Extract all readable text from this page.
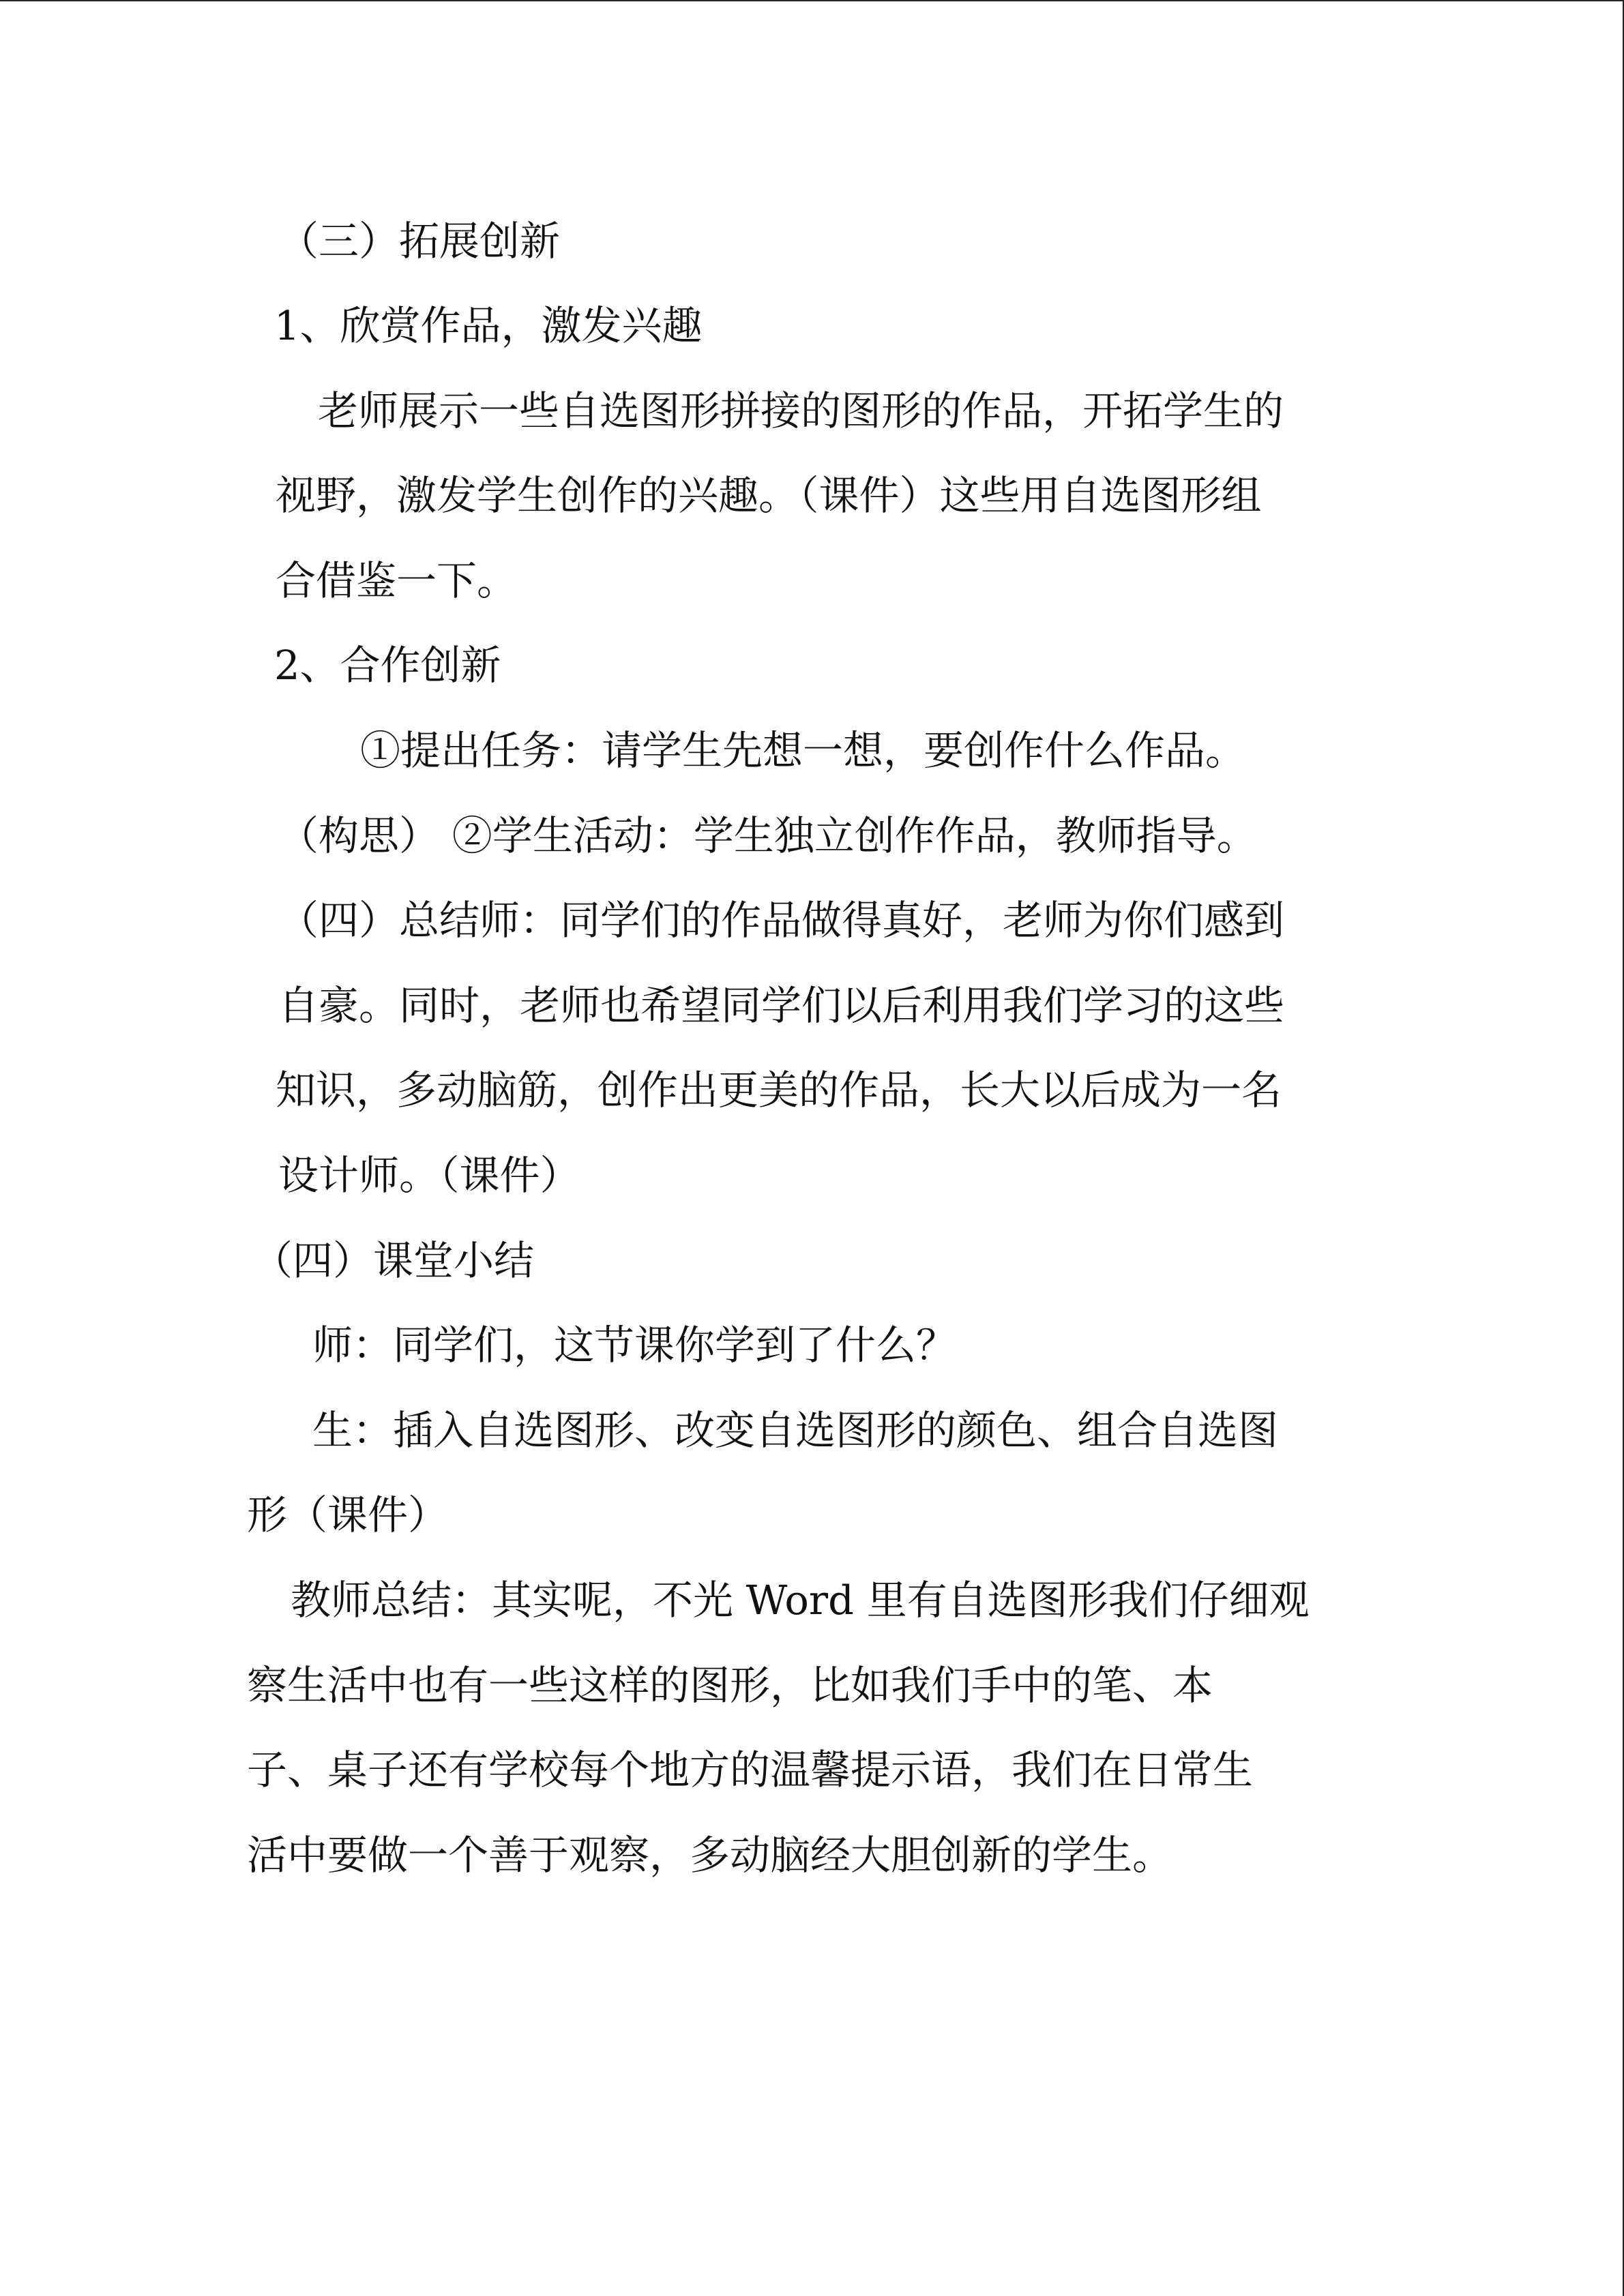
（三）拓展创新
1、欣赏作品，激发兴趣
老师展示一些自选图形拼接的图形的作品，开拓学生的
视野，激发学生创作的兴趣。（课件）这些用自选图形组
合借鉴一下。
2、合作创新
①提出任务：请学生先想一想，要创作什么作品。
（构思） ②学生活动：学生独立创作作品，教师指导。
（四）总结师：同学们的作品做得真好，老师为你们感到
自豪。同时，老师也希望同学们以后利用我们学习的这些
知识，多动脑筋，创作出更美的作品，长大以后成为一名
设计师。（课件）
（四）课堂小结
师：同学们，这节课你学到了什么？
生：插入自选图形、改变自选图形的颜色、组合自选图
形（课件）
教师总结：其实呢，不光 Word 里有自选图形我们仔细观
察生活中也有一些这样的图形，比如我们手中的笔、本
子、桌子还有学校每个地方的温馨提示语，我们在日常生
活中要做一个善于观察，多动脑经大胆创新的学生。
